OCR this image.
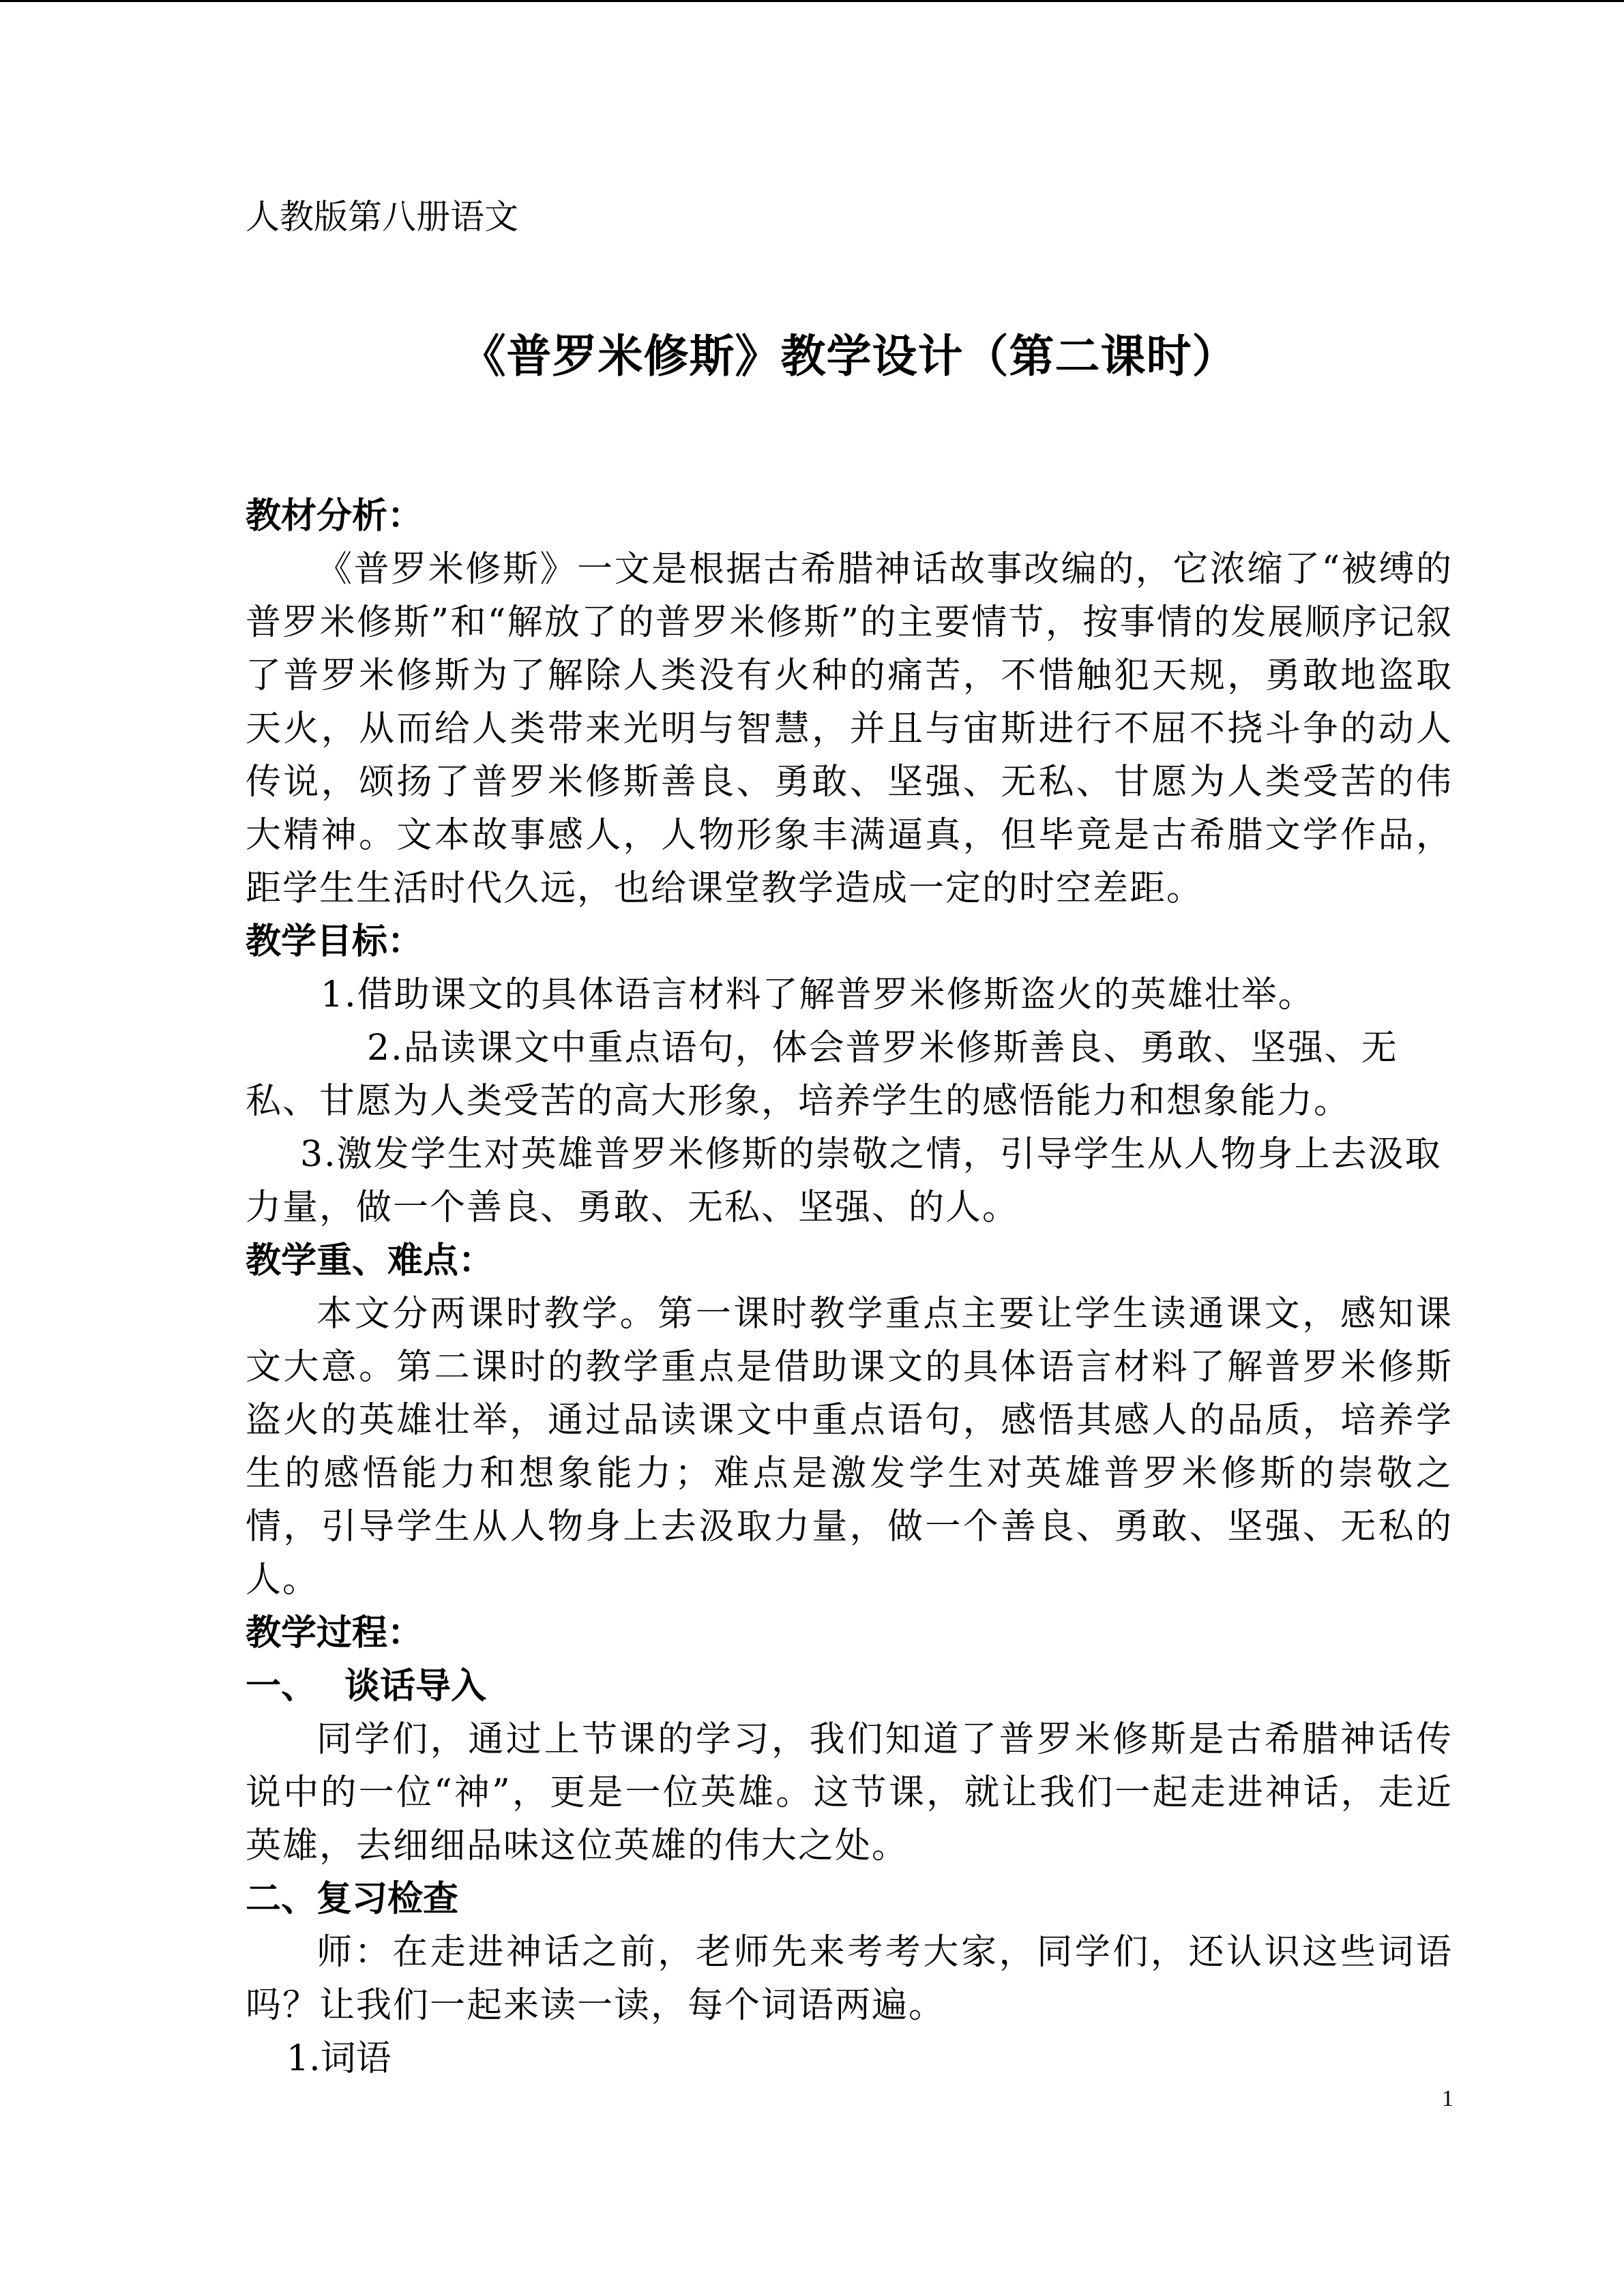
人教版第八册语文

《普罗米修斯》教学设计（第二课时）

教材分析：

《普罗米修斯》一文是根据古希腊神话故事改编的，它浓缩了“被缚的普罗米修斯”和“解放了的普罗米修斯”的主要情节，按事情的发展顺序记叙了普罗米修斯为了解除人类没有火种的痛苦，不惜触犯天规，勇敢地盗取天火，从而给人类带来光明与智慧，并且与宙斯进行不屈不挠斗争的动人传说，颂扬了普罗米修斯善良、勇敢、坚强、无私、甘愿为人类受苦的伟大精神。文本故事感人，人物形象丰满逼真，但毕竟是古希腊文学作品，距学生生活时代久远，也给课堂教学造成一定的时空差距。

教学目标：

1.借助课文的具体语言材料了解普罗米修斯盗火的英雄壮举。

2.品读课文中重点语句，体会普罗米修斯善良、勇敢、坚强、无私、甘愿为人类受苦的高大形象，培养学生的感悟能力和想象能力。

3.激发学生对英雄普罗米修斯的崇敬之情，引导学生从人物身上去汲取力量，做一个善良、勇敢、无私、坚强、的人。

教学重、难点：

本文分两课时教学。第一课时教学重点主要让学生读通课文，感知课文大意。第二课时的教学重点是借助课文的具体语言材料了解普罗米修斯盗火的英雄壮举，通过品读课文中重点语句，感悟其感人的品质，培养学生的感悟能力和想象能力；难点是激发学生对英雄普罗米修斯的崇敬之情，引导学生从人物身上去汲取力量，做一个善良、勇敢、坚强、无私的人。

教学过程：

一、 谈话导入

同学们，通过上节课的学习，我们知道了普罗米修斯是古希腊神话传说中的一位“神”，更是一位英雄。这节课，就让我们一起走进神话，走近英雄，去细细品味这位英雄的伟大之处。

二、复习检查

师：在走进神话之前，老师先来考考大家，同学们，还认识这些词语吗？让我们一起来读一读，每个词语两遍。

1.词语

1
